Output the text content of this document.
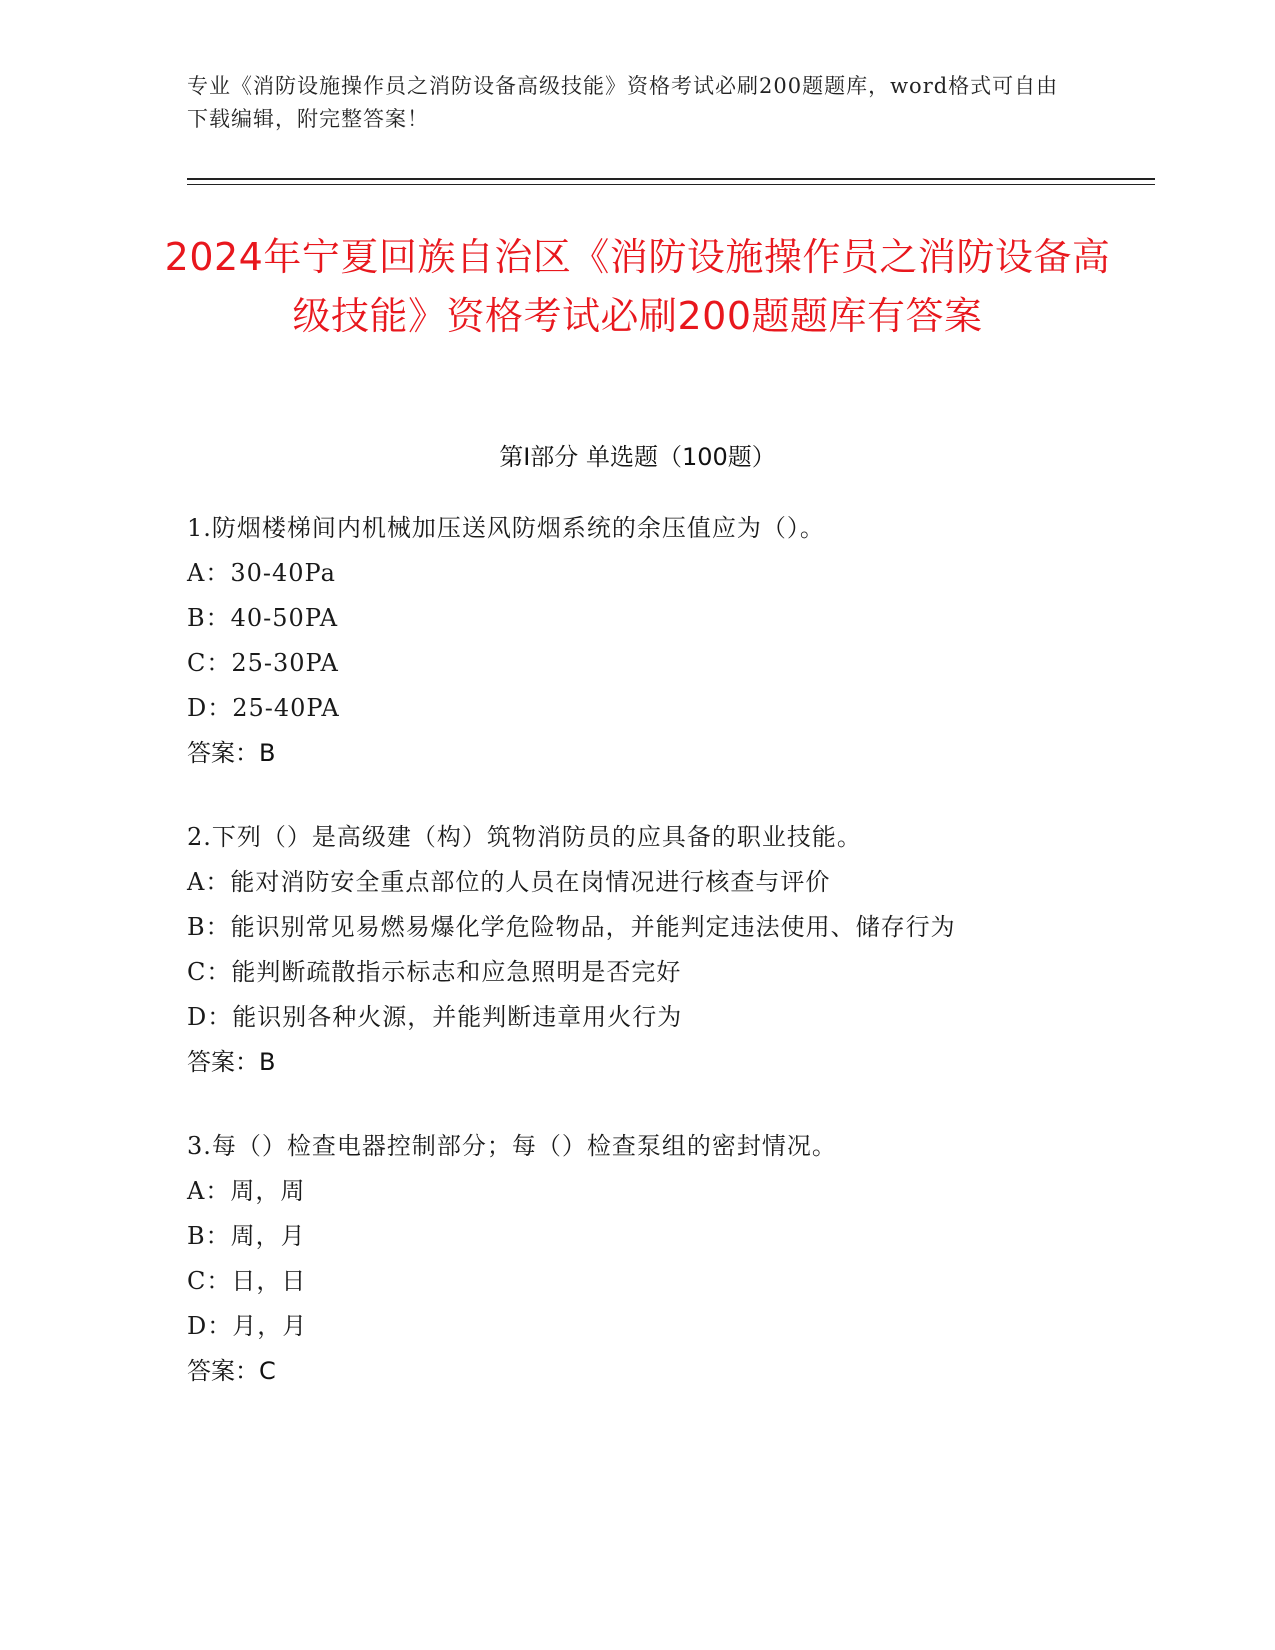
专业《消防设施操作员之消防设备高级技能》资格考试必刷200题题库，word格式可自由下载编辑，附完整答案！
2024年宁夏回族自治区《消防设施操作员之消防设备高级技能》资格考试必刷200题题库有答案
第Ⅰ部分 单选题（100题）
1.防烟楼梯间内机械加压送风防烟系统的余压值应为（）。
A：30-40Pa
B：40-50PA
C：25-30PA
D：25-40PA
答案：B
2.下列（）是高级建（构）筑物消防员的应具备的职业技能。
A：能对消防安全重点部位的人员在岗情况进行核查与评价
B：能识别常见易燃易爆化学危险物品，并能判定违法使用、储存行为
C：能判断疏散指示标志和应急照明是否完好
D：能识别各种火源，并能判断违章用火行为
答案：B
3.每（）检查电器控制部分；每（）检查泵组的密封情况。
A：周，周
B：周，月
C：日，日
D：月，月
答案：C
